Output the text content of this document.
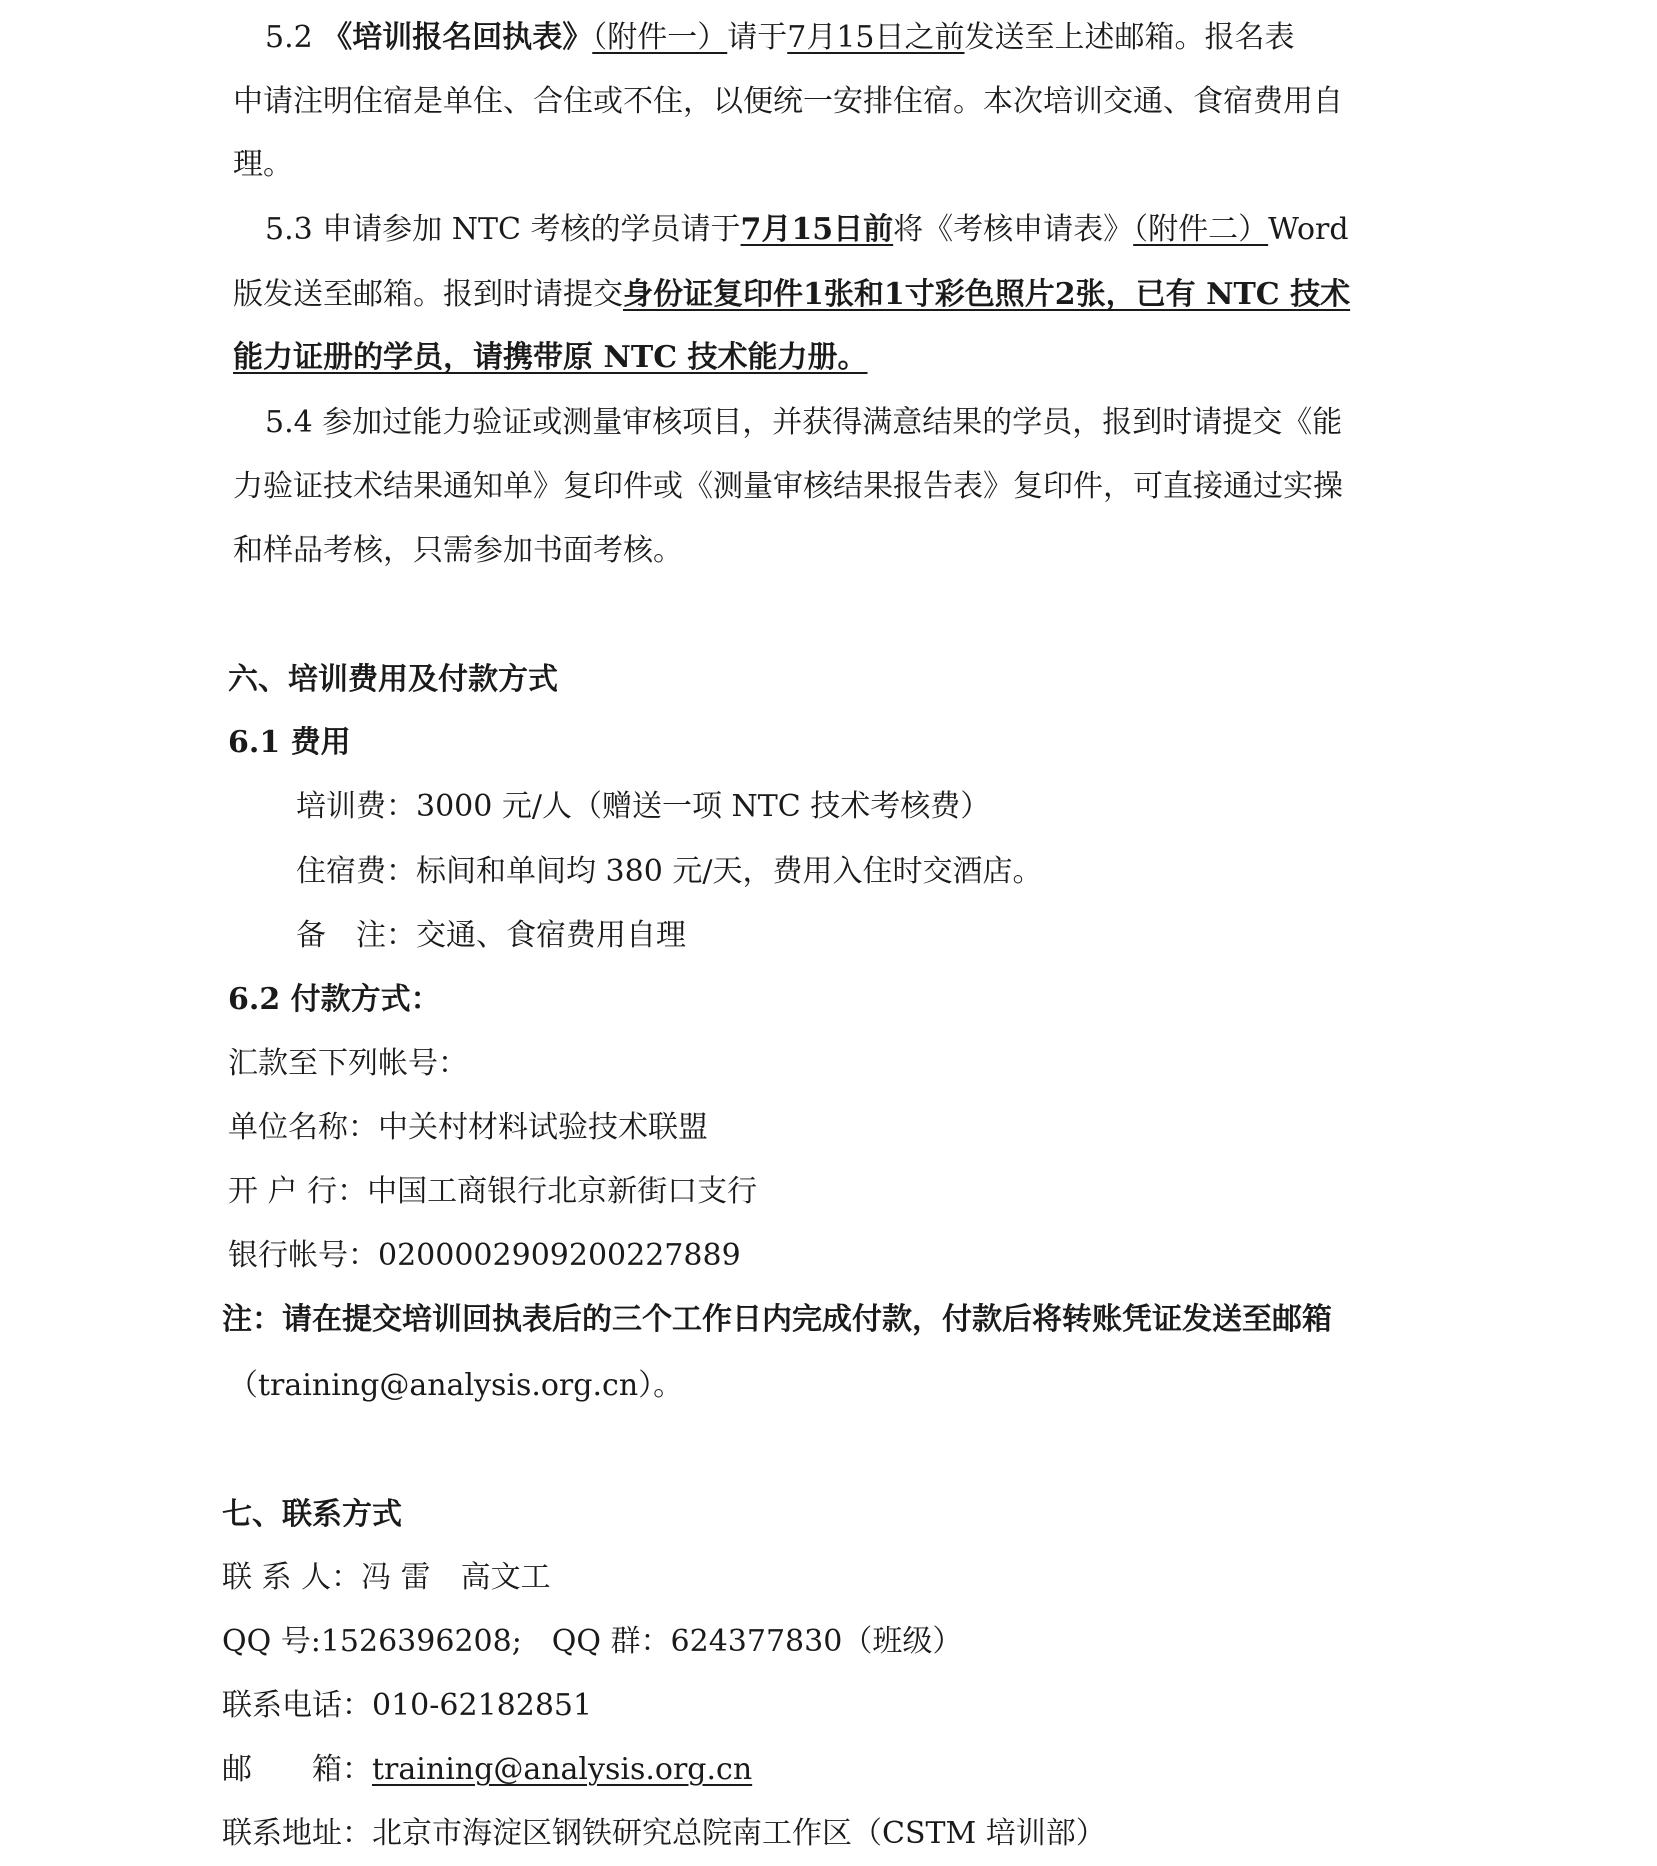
5.2 《培训报名回执表》（附件一）请于7月15日之前发送至上述邮箱。报名表
中请注明住宿是单住、合住或不住，以便统一安排住宿。本次培训交通、食宿费用自
理。
5.3 申请参加 NTC 考核的学员请于7月15日前将《考核申请表》（附件二）Word
版发送至邮箱。报到时请提交身份证复印件1张和1寸彩色照片2张，已有 NTC 技术
能力证册的学员，请携带原 NTC 技术能力册。
5.4 参加过能力验证或测量审核项目，并获得满意结果的学员，报到时请提交《能
力验证技术结果通知单》复印件或《测量审核结果报告表》复印件，可直接通过实操
和样品考核，只需参加书面考核。
六、培训费用及付款方式
6.1 费用
培训费：3000 元/人（赠送一项 NTC 技术考核费）
住宿费：标间和单间均 380 元/天，费用入住时交酒店。
备　注：交通、食宿费用自理
6.2 付款方式：
汇款至下列帐号：
单位名称：中关村材料试验技术联盟
开 户 行：中国工商银行北京新街口支行
银行帐号：0200002909200227889
注：请在提交培训回执表后的三个工作日内完成付款，付款后将转账凭证发送至邮箱
（training@analysis.org.cn）。
七、联系方式
联 系 人：冯 雷　高文工
QQ 号:1526396208;　QQ 群：624377830（班级）
联系电话：010-62182851
邮　　箱：training@analysis.org.cn
联系地址：北京市海淀区钢铁研究总院南工作区（CSTM 培训部）
